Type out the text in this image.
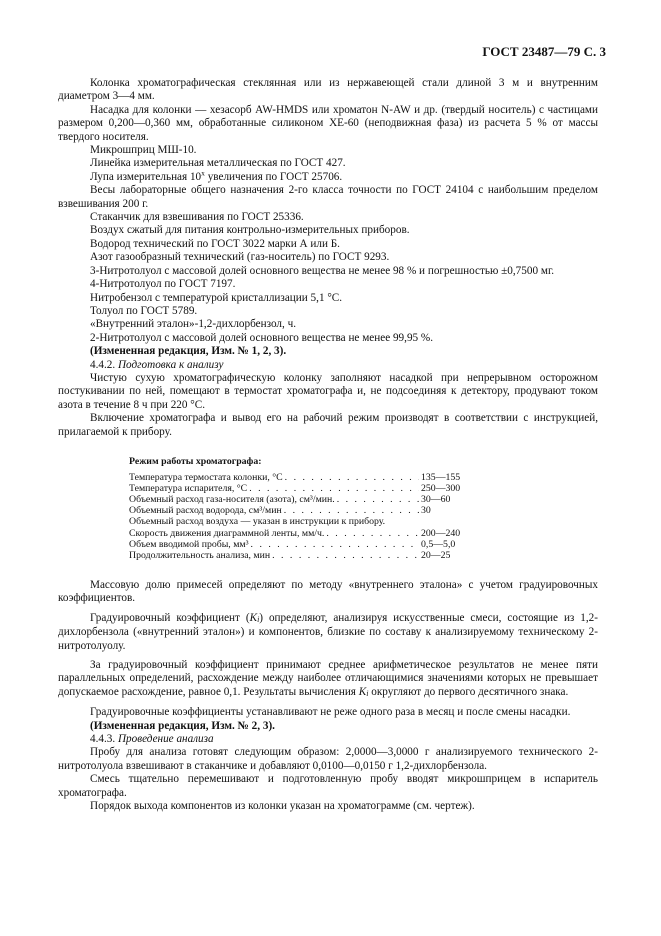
ГОСТ 23487—79 С. 3

Колонка хроматографическая стеклянная или из нержавеющей стали длиной 3 м и внутренним диаметром 3—4 мм.

Насадка для колонки — хезасорб AW-HMDS или хроматон N-AW и др. (твердый носитель) с частицами размером 0,200—0,360 мм, обработанные силиконом XE-60 (неподвижная фаза) из расчета 5 % от массы твердого носителя.

Микрошприц МШ-10.

Линейка измерительная металлическая по ГОСТ 427.

Лупа измерительная 10$^x$ увеличения по ГОСТ 25706.

Весы лабораторные общего назначения 2-го класса точности по ГОСТ 24104 с наибольшим пределом взвешивания 200 г.

Стаканчик для взвешивания по ГОСТ 25336.

Воздух сжатый для питания контрольно-измерительных приборов.

Водород технический по ГОСТ 3022 марки А или Б.

Азот газообразный технический (газ-носитель) по ГОСТ 9293.

3-Нитротолуол с массовой долей основного вещества не менее 98 % и погрешностью ±0,7500 мг.

4-Нитротолуол по ГОСТ 7197.

Нитробензол с температурой кристаллизации 5,1 °С.

Толуол по ГОСТ 5789.

«Внутренний эталон»-1,2-дихлорбензол, ч.

2-Нитротолуол с массовой долей основного вещества не менее 99,95 %.

(Измененная редакция, Изм. № 1, 2, 3).

4.4.2. Подготовка к анализу

Чистую сухую хроматографическую колонку заполняют насадкой при непрерывном осторожном постукивании по ней, помещают в термостат хроматографа и, не подсоединяя к детектору, продувают током азота в течение 8 ч при 220 °С.

Включение хроматографа и вывод его на рабочий режим производят в соответствии с инструкцией, прилагаемой к прибору.

Режим работы хроматографа:
Температура термостата колонки, °С . . .	135—155
Температура испарителя, °С . . .	250—300
Объемный расход газа-носителя (азота), см³/мин. . . .	30—60
Объемный расход водорода, см³/мин . . .	30
Объемный расход воздуха — указан в инструкции к прибору.
Скорость движения диаграммной ленты, мм/ч. . . .	200—240
Объем вводимой пробы, мм³ . . .	0,5—5,0
Продолжительность анализа, мин . . .	20—25

Массовую долю примесей определяют по методу «внутреннего эталона» с учетом градуировочных коэффициентов.

Градуировочный коэффициент (Ki) определяют, анализируя искусственные смеси, состоящие из 1,2-дихлорбензола («внутренний эталон») и компонентов, близкие по составу к анализируемому техническому 2-нитротолуолу.

За градуировочный коэффициент принимают среднее арифметическое результатов не менее пяти параллельных определений, расхождение между наиболее отличающимися значениями которых не превышает допускаемое расхождение, равное 0,1. Результаты вычисления Ki округляют до первого десятичного знака.

Градуировочные коэффициенты устанавливают не реже одного раза в месяц и после смены насадки.

(Измененная редакция, Изм. № 2, 3).

4.4.3. Проведение анализа

Пробу для анализа готовят следующим образом: 2,0000—3,0000 г анализируемого технического 2-нитротолуола взвешивают в стаканчике и добавляют 0,0100—0,0150 г 1,2-дихлорбензола.

Смесь тщательно перемешивают и подготовленную пробу вводят микрошприцем в испаритель хроматографа.

Порядок выхода компонентов из колонки указан на хроматограмме (см. чертеж).
